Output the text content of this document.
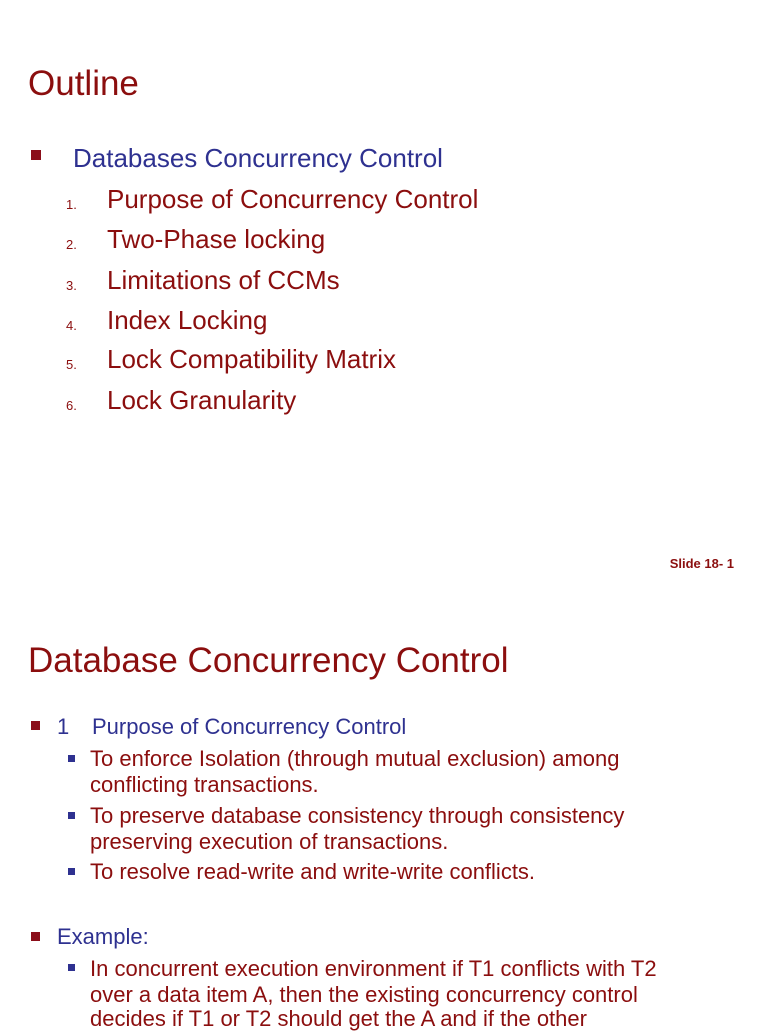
Outline
Databases Concurrency Control
1. Purpose of Concurrency Control
2. Two-Phase locking
3. Limitations of CCMs
4. Index Locking
5. Lock Compatibility Matrix
6. Lock Granularity
Slide 18- 1
Database Concurrency Control
1 Purpose of Concurrency Control
To enforce Isolation (through mutual exclusion) among
conflicting transactions.
To preserve database consistency through consistency
preserving execution of transactions.
To resolve read-write and write-write conflicts.
Example:
In concurrent execution environment if T1 conflicts with T2
over a data item A, then the existing concurrency control
decides if T1 or T2 should get the A and if the other
